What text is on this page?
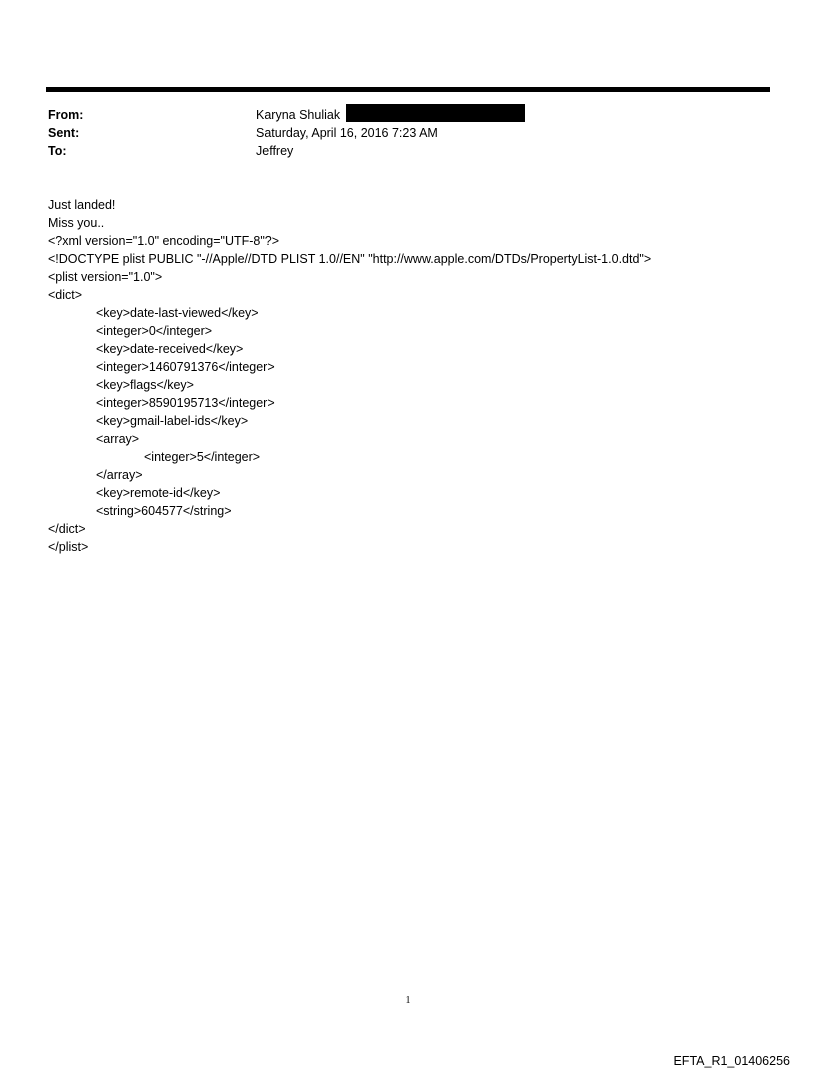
From:	Karyna Shuliak
Sent:	Saturday, April 16, 2016 7:23 AM
To:	Jeffrey
Just landed!
Miss you..
<?xml version="1.0" encoding="UTF-8"?>
<!DOCTYPE plist PUBLIC "-//Apple//DTD PLIST 1.0//EN" "http://www.apple.com/DTDs/PropertyList-1.0.dtd">
<plist version="1.0">
<dict>
<key>date-last-viewed</key>
<integer>0</integer>
<key>date-received</key>
<integer>1460791376</integer>
<key>flags</key>
<integer>8590195713</integer>
<key>gmail-label-ids</key>
<array>
<integer>5</integer>
</array>
<key>remote-id</key>
<string>604577</string>
</dict>
</plist>
1
EFTA_R1_01406256
